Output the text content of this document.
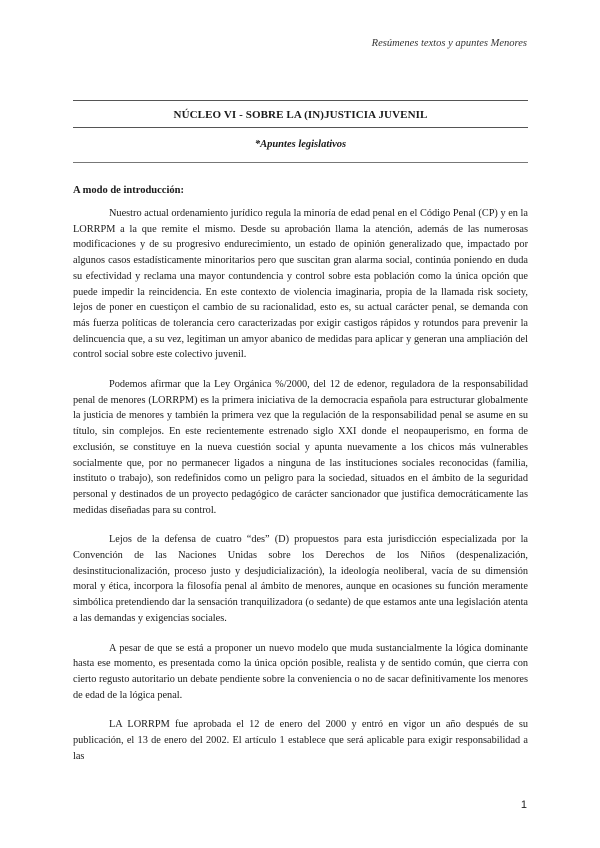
Resúmenes textos y apuntes Menores
NÚCLEO VI - SOBRE LA (IN)JUSTICIA JUVENIL
*Apuntes legislativos
A modo de introducción:

Nuestro actual ordenamiento jurídico regula la minoría de edad penal en el Código Penal (CP) y en la LORRPM a la que remite el mismo. Desde su aprobación llama la atención, además de las numerosas modificaciones y de su progresivo endurecimiento, un estado de opinión generalizado que, impactado por algunos casos estadísticamente minoritarios pero que suscitan gran alarma social, continúa poniendo en duda su efectividad y reclama una mayor contundencia y control sobre esta población como la única opción que puede impedir la reincidencia. En este contexto de violencia imaginaria, propia de la llamada risk society, lejos de poner en cuestiçon el cambio de su racionalidad, esto es, su actual carácter penal, se demanda con más fuerza políticas de tolerancia cero caracterizadas por exigir castigos rápidos y rotundos para prevenir la delincuencia que, a su vez, legitiman un amyor abanico de medidas para aplicar y generan una ampliación del control social sobre este colectivo juvenil.

Podemos afirmar que la Ley Orgánica %/2000, del 12 de edenor, reguladora de la responsabilidad penal de menores (LORRPM) es la primera iniciativa de la democracia española para estructurar globalmente la justicia de menores y también la primera vez que la regulación de la responsabilidad penal se asume en su título, sin complejos. En este recientemente estrenado siglo XXI donde el neopauperismo, en forma de exclusión, se constituye en la nueva cuestión social y apunta nuevamente a los chicos más vulnerables socialmente que, por no permanecer ligados a ninguna de las instituciones sociales reconocidas (familia, instituto o trabajo), son redefinidos como un peligro para la sociedad, situados en el ámbito de la seguridad personal y destinados de un proyecto pedagógico de carácter sancionador que justifica democráticamente las medidas diseñadas para su control.

Lejos de la defensa de cuatro “des” (D) propuestos para esta jurisdicción especializada por la Convención de las Naciones Unidas sobre los Derechos de los Niños (despenalización, desinstitucionalización, proceso justo y desjudicialización), la ideología neoliberal, vacía de su dimensión moral y ética, incorpora la filosofía penal al ámbito de menores, aunque en ocasiones su función meramente simbólica pretendiendo dar la sensación tranquilizadora (o sedante) de que estamos ante una legislación atenta a las demandas y exigencias sociales.

A pesar de que se está a proponer un nuevo modelo que muda sustancialmente la lógica dominante hasta ese momento, es presentada como la única opción posible, realista y de sentido común, que cierra con cierto regusto autoritario un debate pendiente sobre la conveniencia o no de sacar definitivamente los menores de edad de la lógica penal.

LA LORRPM fue aprobada el 12 de enero del 2000 y entró en vigor un año después de su publicación, el 13 de enero del 2002. El artículo 1 establece que será aplicable para exigir responsabilidad a las

1
